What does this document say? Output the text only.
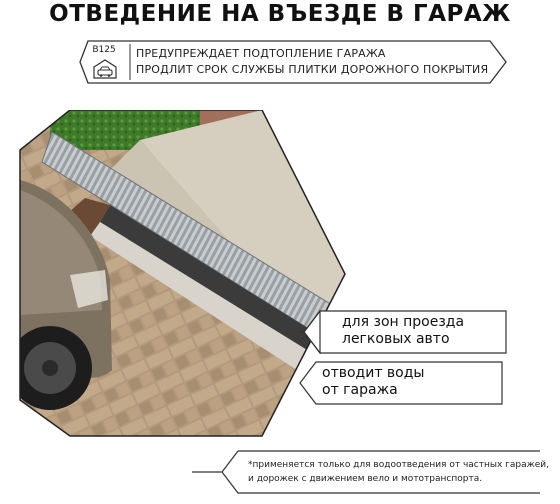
ОТВЕДЕНИЕ НА ВЪЕЗДЕ В ГАРАЖ
B125	ПРЕДУПРЕЖДАЕТ ПОДТОПЛЕНИЕ ГАРАЖА
ПРОДЛИТ СРОК СЛУЖБЫ ПЛИТКИ ДОРОЖНОГО ПОКРЫТИЯ
для зон проезда
легковых авто
отводит воды
от гаража
*применяется только для водоотведения от частных гаражей,
и дорожек с движением вело и мототранспорта.
